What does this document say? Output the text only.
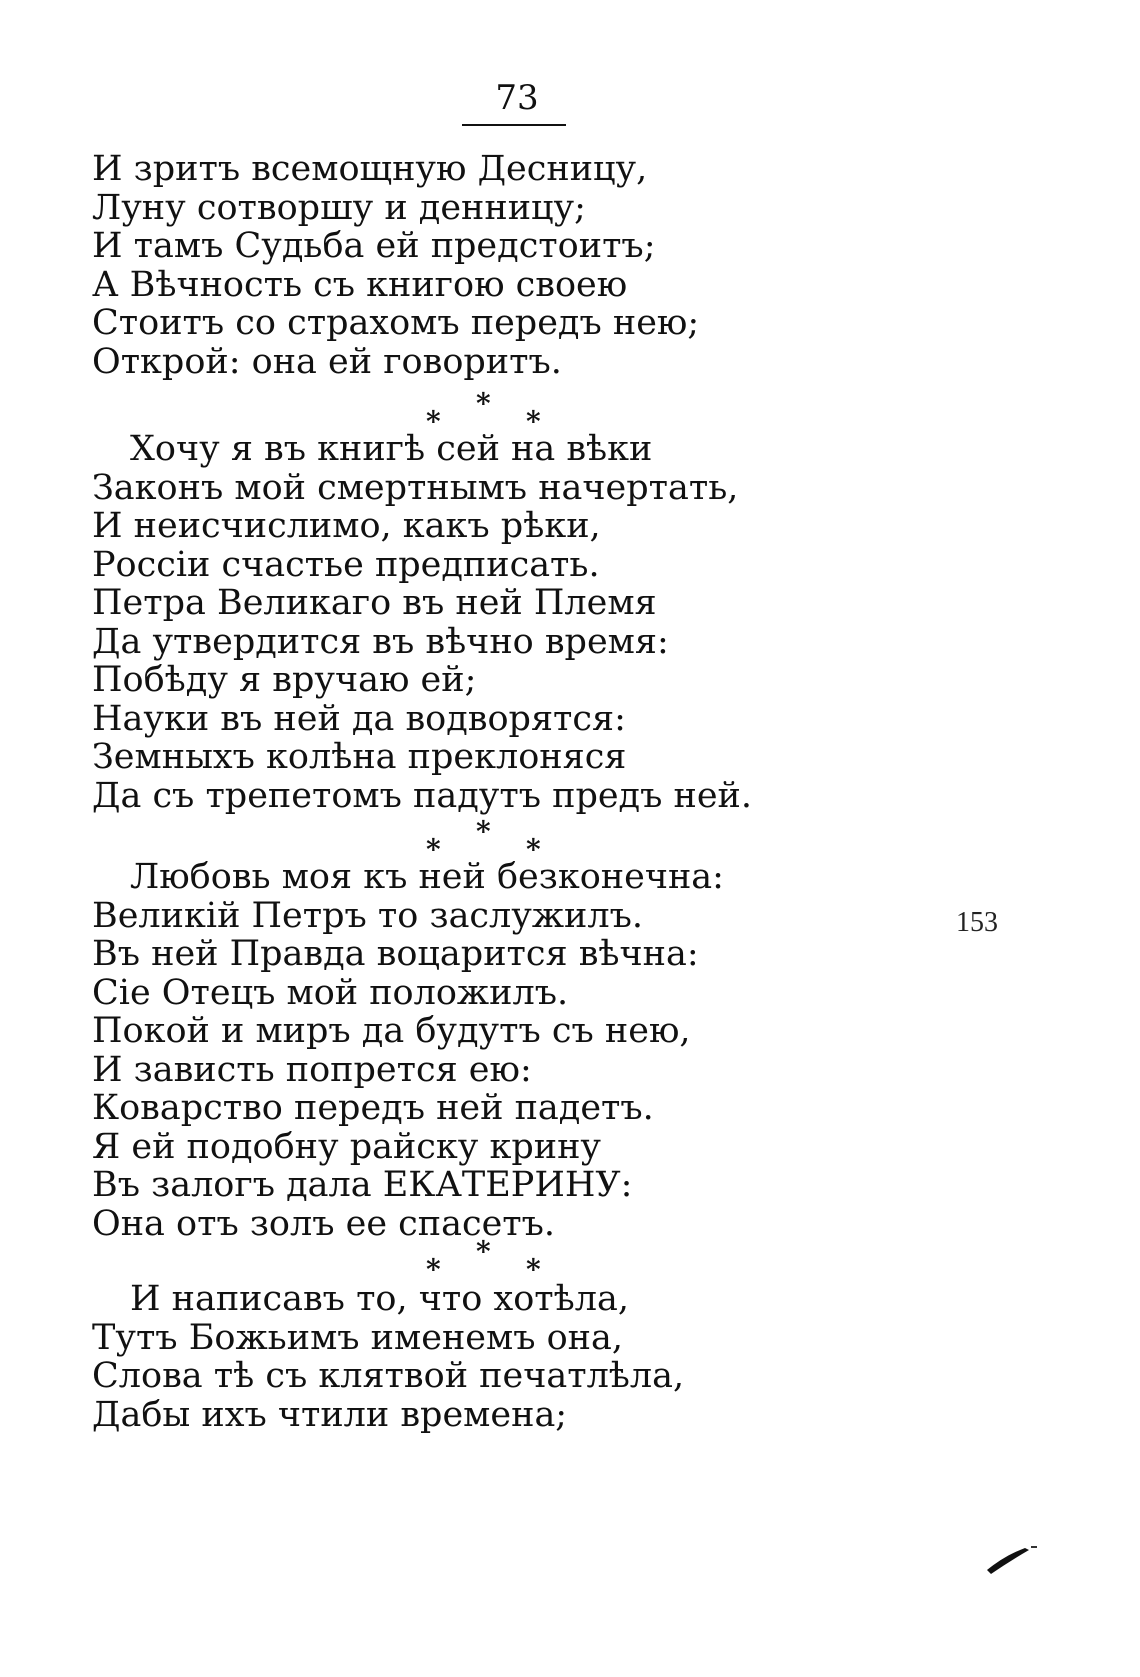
73
И зритъ всемощную Десницу,
Луну сотворшу и денницу;
И тамъ Судьба ей предстоитъ;
А Вѣчность съ книгою своею
Стоитъ со страхомъ передъ нею;
Открой: она ей говоритъ.
*
*	*
Хочу я въ книгѣ сей на вѣки
Законъ мой смертнымъ начертать,
И неисчислимо, какъ рѣки,
Россiи счастье предписать.
Петра Великаго въ ней Племя
Да утвердится въ вѣчно время:
Побѣду я вручаю ей;
Науки въ ней да водворятся:
Земныхъ колѣна преклоняся
Да съ трепетомъ падутъ предъ ней.
*
*	*
Любовь моя къ ней безконечна:
Великiй Петръ то заслужилъ.
Въ ней Правда воцарится вѣчна:
Сiе Отецъ мой положилъ.
Покой и миръ да будутъ съ нею,
И зависть попрется ею:
Коварство передъ ней падетъ.
Я ей подобну райску крину
Въ залогъ дала ЕКАТЕРИНУ:
Она отъ золъ ее спасетъ.
*
*	*
И написавъ то, что хотѣла,
Тутъ Божьимъ именемъ она,
Слова тѣ съ клятвой печатлѣла,
Дабы ихъ чтили времена;
153
